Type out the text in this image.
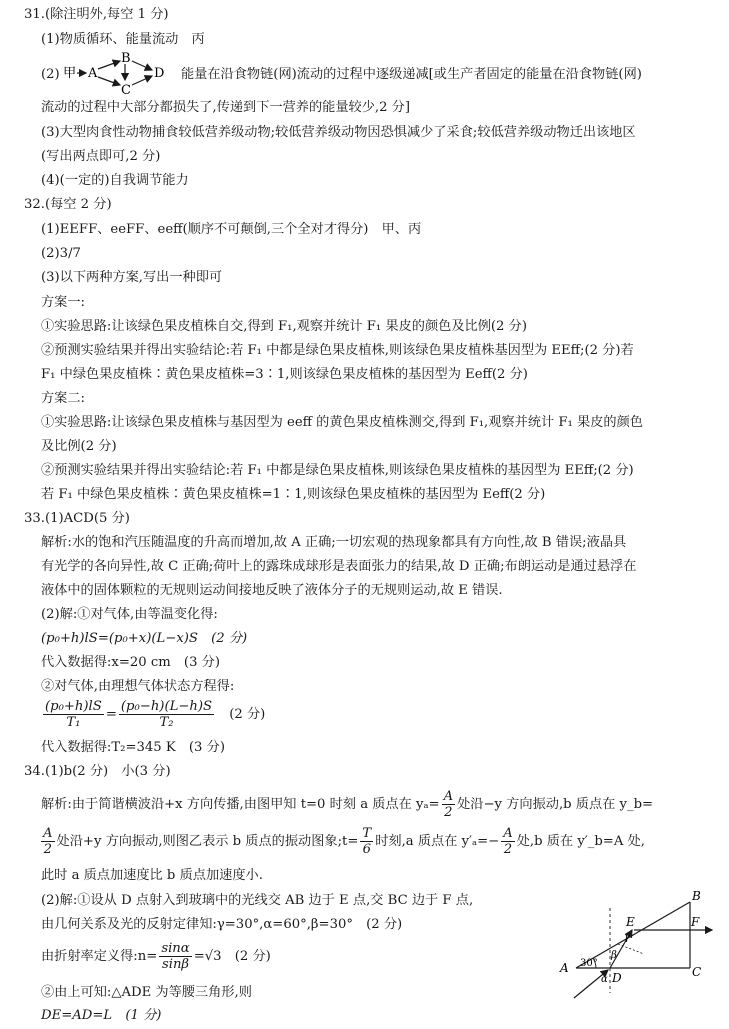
31.(除注明外,每空 1 分)
(1)物质循环、能量流动　丙
(2) 甲 A
B
C
D 能量在沿食物链(网)流动的过程中逐级递减[或生产者固定的能量在沿食物链(网)
流动的过程中大部分都损失了,传递到下一营养的能量较少,2 分]
(3)大型肉食性动物捕食较低营养级动物;较低营养级动物因恐惧减少了采食;较低营养级动物迁出该地区
(写出两点即可,2 分)
(4)(一定的)自我调节能力
32.(每空 2 分)
(1)EEFF、eeFF、eeff(顺序不可颠倒,三个全对才得分)　甲、丙
(2)3/7
(3)以下两种方案,写出一种即可
方案一:
①实验思路:让该绿色果皮植株自交,得到 F₁,观察并统计 F₁ 果皮的颜色及比例(2 分)
②预测实验结果并得出实验结论:若 F₁ 中都是绿色果皮植株,则该绿色果皮植株基因型为 EEff;(2 分)若
F₁ 中绿色果皮植株∶黄色果皮植株=3∶1,则该绿色果皮植株的基因型为 Eeff(2 分)
方案二:
①实验思路:让该绿色果皮植株与基因型为 eeff 的黄色果皮植株测交,得到 F₁,观察并统计 F₁ 果皮的颜色
及比例(2 分)
②预测实验结果并得出实验结论:若 F₁ 中都是绿色果皮植株,则该绿色果皮植株的基因型为 EEff;(2 分)
若 F₁ 中绿色果皮植株∶黄色果皮植株=1∶1,则该绿色果皮植株的基因型为 Eeff(2 分)
33.(1)ACD(5 分)
解析:水的饱和汽压随温度的升高而增加,故 A 正确;一切宏观的热现象都具有方向性,故 B 错误;液晶具
有光学的各向异性,故 C 正确;荷叶上的露珠成球形是表面张力的结果,故 D 正确;布朗运动是通过悬浮在
液体中的固体颗粒的无规则运动间接地反映了液体分子的无规则运动,故 E 错误.
(2)解:①对气体,由等温变化得:
(p₀+h)lS=(p₀+x)(L−x)S　(2 分)
代入数据得:x=20 cm　(3 分)
②对气体,由理想气体状态方程得:
$\frac{\text{(p₀+h)lS}}{\text{T₁}} = \frac{\text{(p₀−h)(L−h)S}}{\text{T₂}}$
　 (2 分)
代入数据得:T₂=345 K　(3 分)
34.(1)b(2 分)　小(3 分)
解析:由于简谐横波沿+x 方向传播,由图甲知 t=0 时刻 a 质点在 $y_a= \frac{A}{2}$ 处沿−y 方向振动,b 质点在 y_b=
$\frac{A}{2}$ 处沿+y 方向振动,则图乙表示 b 质点的振动图象;t= $\frac{T}{6}$ 时刻,a 质点在 $y'_a=- \frac{A}{2}$ 处,b 质在 y′_b=A 处,
此时 a 质点加速度比 b 质点加速度小.
(2)解:①设从 D 点射入到玻璃中的光线交 AB 边于 E 点,交 BC 边于 F 点,
由几何关系及光的反射定律知:γ=30°,α=60°,β=30°　(2 分)
由折射率定义得:n= $\frac{\sin\alpha}{\sin\beta} =√3$　(2 分)
②由上可知:△ADE 为等腰三角形,则
DE=AD=L　(1 分)
A
B
C
D
E	F
30°
α
β
γ
